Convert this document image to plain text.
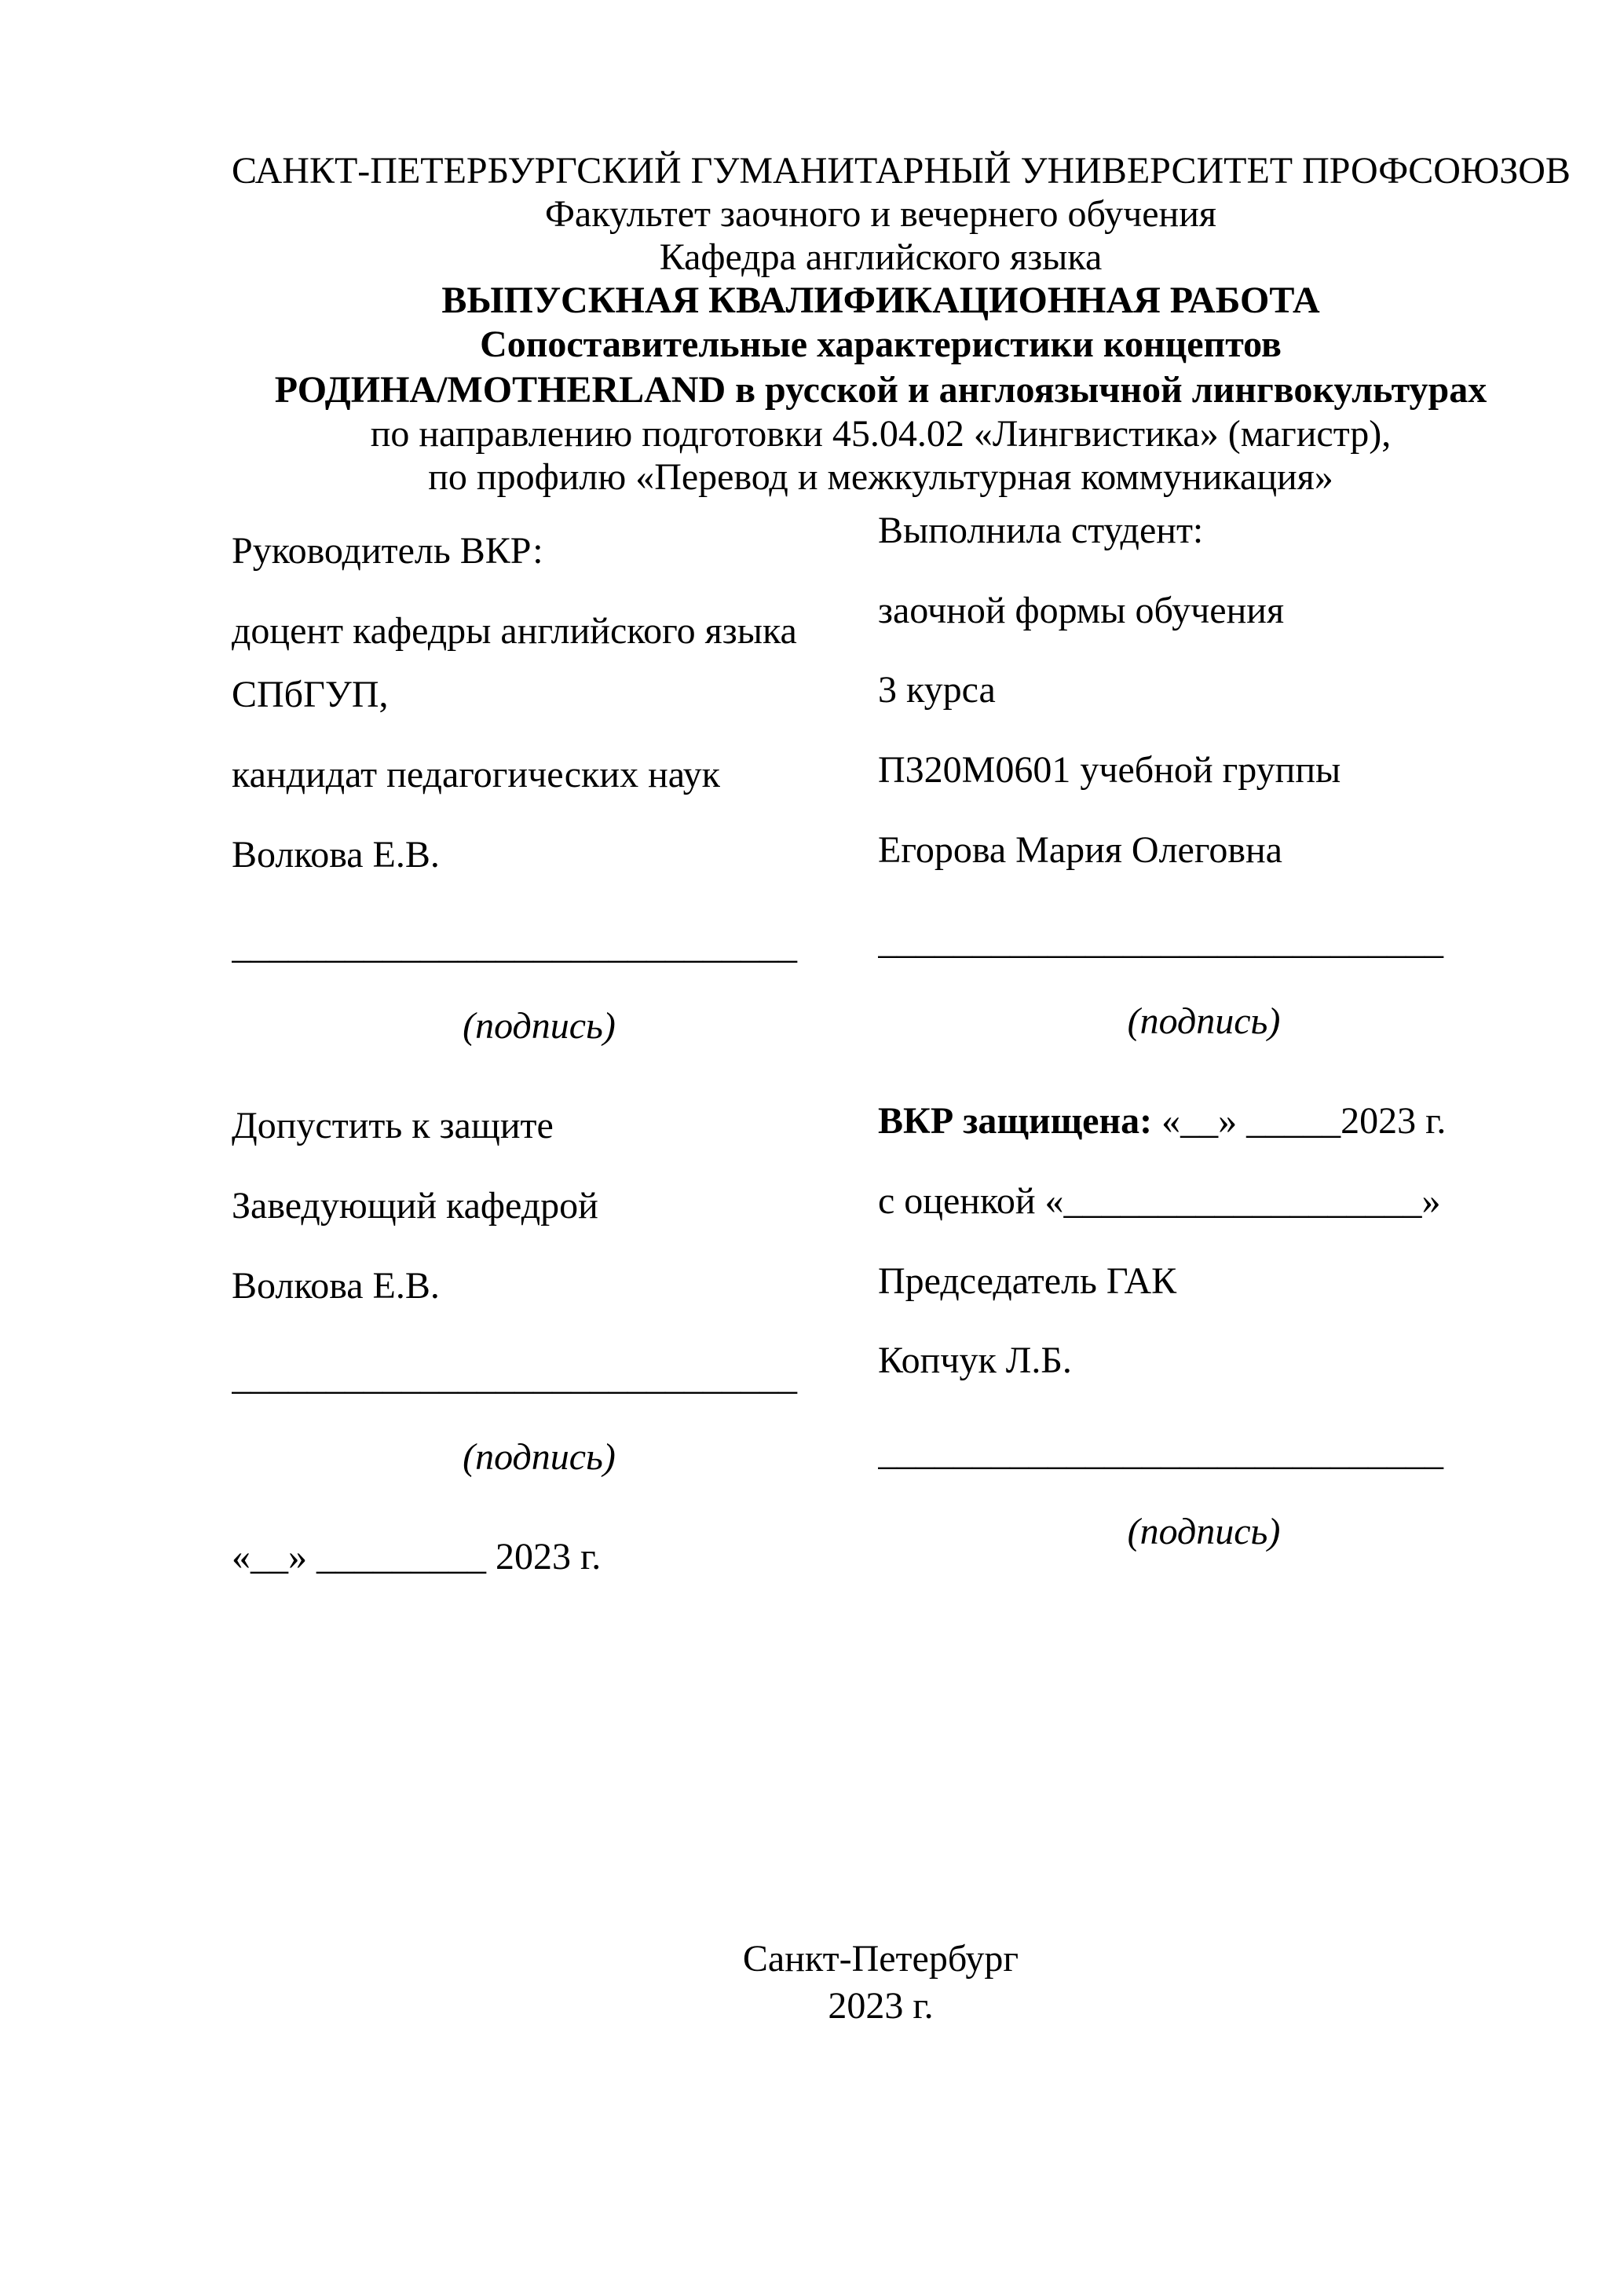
САНКТ-ПЕТЕРБУРГСКИЙ ГУМАНИТАРНЫЙ УНИВЕРСИТЕТ ПРОФСОЮЗОВ

Факультет заочного и вечернего обучения

Кафедра английского языка

ВЫПУСКНАЯ КВАЛИФИКАЦИОННАЯ РАБОТА

Сопоставительные характеристики концептов
РОДИНА/MOTHERLAND в русской и англоязычной лингвокультурах

по направлению подготовки 45.04.02 «Лингвистика» (магистр),

по профилю «Перевод и межкультурная коммуникация»

Руководитель ВКР:

доцент кафедры английского языка СПбГУП,

кандидат педагогических наук

Волкова Е.В.

______________________________

(подпись)

Допустить к защите

Заведующий кафедрой

Волкова Е.В.

______________________________

(подпись)

«__» _________ 2023 г.

Выполнила студент:

заочной формы обучения

3 курса

П320М0601 учебной группы

Егорова Мария Олеговна

______________________________

(подпись)

ВКР защищена: «__» _____2023 г.

с оценкой «___________________»

Председатель ГАК

Копчук Л.Б.

______________________________

(подпись)

Санкт-Петербург

2023 г.
